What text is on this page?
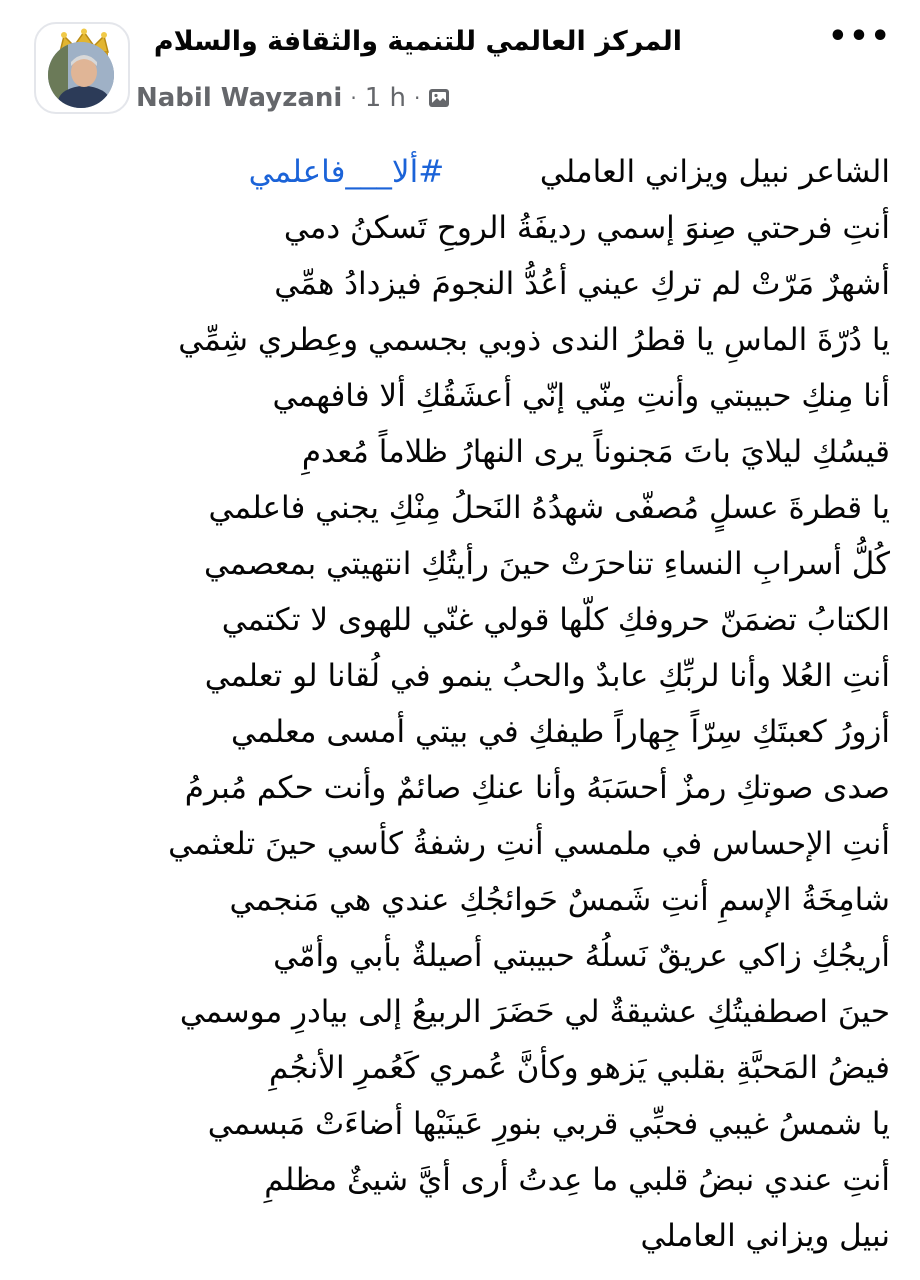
المركز العالمي للتنمية والثقافة والسلام
Nabil Wayzani · 1 h ·
•••
الشاعر نبيل ويزاني العاملي  #ألا___فاعلمي
أنتِ فرحتي صِنوَ إسمي رديفَةُ الروحِ تَسكنُ دمي
أشهرٌ مَرّتْ لم تركِ عيني أعُدُّ النجومَ فيزدادُ همِّي
يا دُرّةَ الماسِ يا قطرُ الندى ذوبي بجسمي وعِطري شِمِّي
أنا مِنكِ حبيبتي وأنتِ مِنّي إنّي أعشَقُكِ ألا فافهمي
قيسُكِ ليلايَ باتَ مَجنوناً يرى النهارُ ظلاماً مُعدمِ
يا قطرةَ عسلٍ مُصفّى شهدُهُ النَحلُ مِنْكِ يجني فاعلمي
كُلُّ أسرابِ النساءِ تناحرَتْ حينَ رأيتُكِ انتهيتي بمعصمي
الكتابُ تضمَنّ حروفكِ كلّها قولي غنّي للهوى لا تكتمي
أنتِ العُلا وأنا لربِّكِ عابدٌ والحبُ ينمو في لُقانا لو تعلمي
أزورُ كعبتَكِ سِرّاً جِهاراً طيفكِ في بيتي أمسى معلمي
صدى صوتكِ رمزٌ أحسَبَهُ وأنا عنكِ صائمٌ وأنت حكم مُبرمُ
أنتِ الإحساس في ملمسي أنتِ رشفةُ كأسي حينَ تلعثمي
شامِخَةُ الإسمِ أنتِ شَمسٌ حَوائجُكِ عندي هي مَنجمي
أريجُكِ زاكي عريقٌ نَسلُهُ حبيبتي أصيلةٌ بأبي وأمّي
حينَ اصطفيتُكِ عشيقةٌ لي حَضَرَ الربيعُ إلى بيادرِ موسمي
فيضُ المَحبَّةِ بقلبي يَزهو وكأنَّ عُمري كَعُمرِ الأنجُمِ
يا شمسُ غيبي فحبِّي قربي بنورِ عَينَيْها أضاءَتْ مَبسمي
أنتِ عندي نبضُ قلبي ما عِدتُ أرى أيَّ شيئٌ مظلمِ
نبيل ويزاني العاملي
